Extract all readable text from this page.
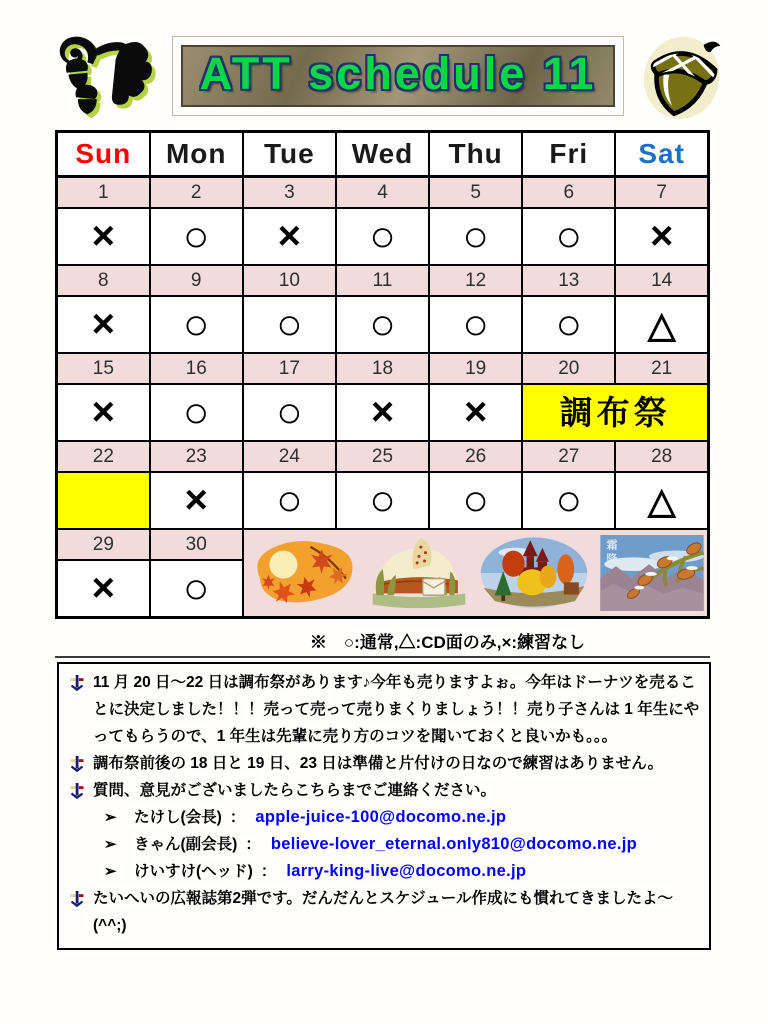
ATT schedule 11
Sun	Mon	Tue	Wed	Thu	Fri	Sat
1	2	3	4	5	6	7
×	○	×	○	○	○	×
8	9	10	11	12	13	14
×	○	○	○	○	○	△
15	16	17	18	19	20	21
×	○	○	×	×	調布祭	
22	23	24	25	26	27	28
	×	○	○	○	○	△
29	30	霜降				

×	○					
※　○:通常,△:CD面のみ,×:練習なし
11 月 20 日～22 日は調布祭があります♪今年も売りますよぉ。今年はドーナツを売ることに決定しました！！！売って売って売りまくりましょう！！売り子さんは 1 年生にやってもらうので、1 年生は先輩に売り方のコツを聞いておくと良いかも。。。
調布祭前後の 18 日と 19 日、23 日は準備と片付けの日なので練習はありません。
質問、意見がございましたらこちらまでご連絡ください。
➢ たけし(会長) ： apple-juice-100@docomo.ne.jp
➢ きゃん(副会長) ： believe-lover_eternal.only810@docomo.ne.jp
➢ けいすけ(ヘッド) ： larry-king-live@docomo.ne.jp
たいへいの広報誌第2弾です。だんだんとスケジュール作成にも慣れてきましたよ～(^^;)
